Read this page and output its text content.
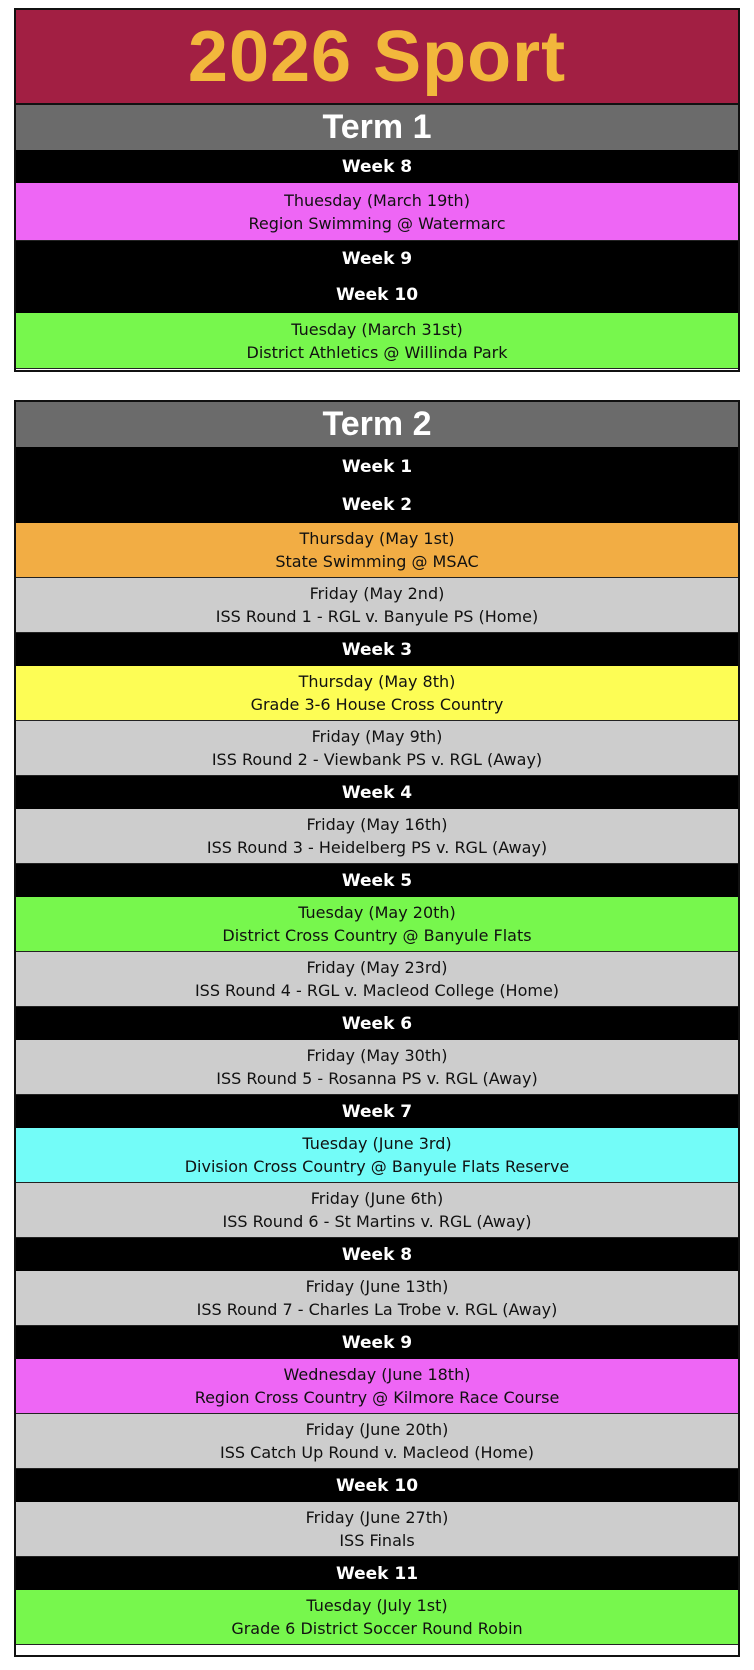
2026 Sport
Term 1
Week 8
Thuesday (March 19th)
Region Swimming @ Watermarc
Week 9
Week 10
Tuesday (March 31st)
District Athletics @ Willinda Park
Term 2
Week 1
Week 2
Thursday (May 1st)
State Swimming @ MSAC
Friday (May 2nd)
ISS Round 1 - RGL v. Banyule PS (Home)
Week 3
Thursday (May 8th)
Grade 3-6 House Cross Country
Friday (May 9th)
ISS Round 2 - Viewbank PS v. RGL (Away)
Week 4
Friday (May 16th)
ISS Round 3 - Heidelberg PS v. RGL (Away)
Week 5
Tuesday (May 20th)
District Cross Country @ Banyule Flats
Friday (May 23rd)
ISS Round 4 - RGL v. Macleod College (Home)
Week 6
Friday (May 30th)
ISS Round 5 - Rosanna PS v. RGL (Away)
Week 7
Tuesday (June 3rd)
Division Cross Country @ Banyule Flats Reserve
Friday (June 6th)
ISS Round 6 - St Martins v. RGL (Away)
Week 8
Friday (June 13th)
ISS Round 7 - Charles La Trobe v. RGL (Away)
Week 9
Wednesday (June 18th)
Region Cross Country @ Kilmore Race Course
Friday (June 20th)
ISS Catch Up Round v. Macleod (Home)
Week 10
Friday (June 27th)
ISS Finals
Week 11
Tuesday (July 1st)
Grade 6 District Soccer Round Robin
